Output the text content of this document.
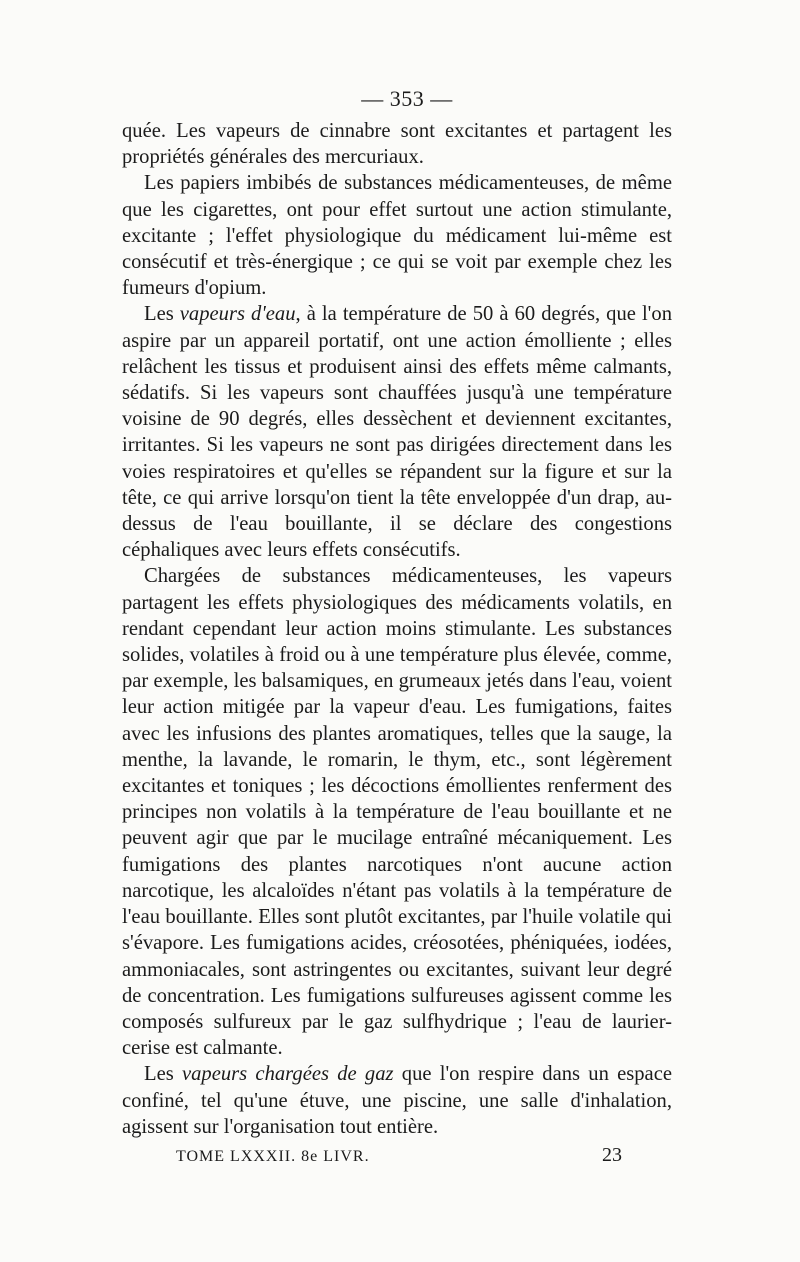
— 353 —

quée. Les vapeurs de cinnabre sont excitantes et partagent les propriétés générales des mercuriaux.

Les papiers imbibés de substances médicamenteuses, de même que les cigarettes, ont pour effet surtout une action stimulante, excitante ; l'effet physiologique du médicament lui-même est consécutif et très-énergique ; ce qui se voit par exemple chez les fumeurs d'opium.

Les vapeurs d'eau, à la température de 50 à 60 degrés, que l'on aspire par un appareil portatif, ont une action émolliente ; elles relâchent les tissus et produisent ainsi des effets même calmants, sédatifs. Si les vapeurs sont chauffées jusqu'à une température voisine de 90 degrés, elles dessèchent et deviennent excitantes, irritantes. Si les vapeurs ne sont pas dirigées directement dans les voies respiratoires et qu'elles se répandent sur la figure et sur la tête, ce qui arrive lorsqu'on tient la tête enveloppée d'un drap, au-dessus de l'eau bouillante, il se déclare des congestions céphaliques avec leurs effets consécutifs.

Chargées de substances médicamenteuses, les vapeurs partagent les effets physiologiques des médicaments volatils, en rendant cependant leur action moins stimulante. Les substances solides, volatiles à froid ou à une température plus élevée, comme, par exemple, les balsamiques, en grumeaux jetés dans l'eau, voient leur action mitigée par la vapeur d'eau. Les fumigations, faites avec les infusions des plantes aromatiques, telles que la sauge, la menthe, la lavande, le romarin, le thym, etc., sont légèrement excitantes et toniques ; les décoctions émollientes renferment des principes non volatils à la température de l'eau bouillante et ne peuvent agir que par le mucilage entraîné mécaniquement. Les fumigations des plantes narcotiques n'ont aucune action narcotique, les alcaloïdes n'étant pas volatils à la température de l'eau bouillante. Elles sont plutôt excitantes, par l'huile volatile qui s'évapore. Les fumigations acides, créosotées, phéniquées, iodées, ammoniacales, sont astringentes ou excitantes, suivant leur degré de concentration. Les fumigations sulfureuses agissent comme les composés sulfureux par le gaz sulfhydrique ; l'eau de laurier-cerise est calmante.

Les vapeurs chargées de gaz que l'on respire dans un espace confiné, tel qu'une étuve, une piscine, une salle d'inhalation, agissent sur l'organisation tout entière.

TOME LXXXII. 8e LIVR.	23
